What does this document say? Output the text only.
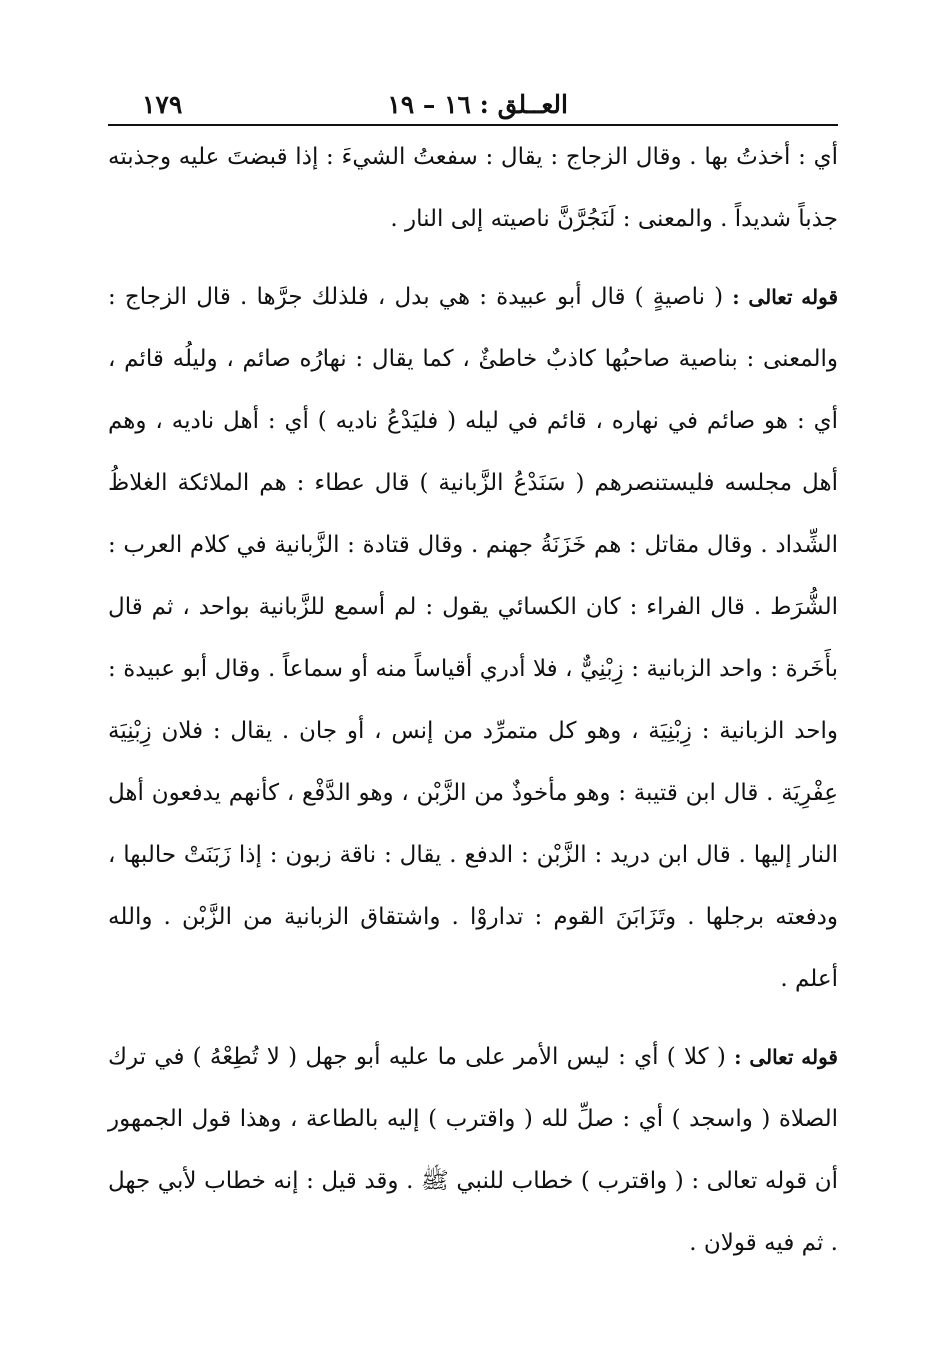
العــلق : ١٦ – ١٩
١٧٩

أي : أخذتُ بها . وقال الزجاج : يقال : سفعتُ الشيءَ : إذا قبضتَ عليه وجذبته جذباً شديداً . والمعنى : لَنَجُرَّنَّ ناصيته إلى النار .

قوله تعالى : ( ناصيةٍ ) قال أبو عبيدة : هي بدل ، فلذلك جرَّها . قال الزجاج : والمعنى : بناصية صاحبُها كاذبٌ خاطئٌ ، كما يقال : نهارُه صائم ، وليلُه قائم ، أي : هو صائم في نهاره ، قائم في ليله ( فليَدْعُ ناديه ) أي : أهل ناديه ، وهم أهل مجلسه فليستنصرهم ( سَنَدْعُ الزَّبانية ) قال عطاء : هم الملائكة الغلاظُ الشِّداد . وقال مقاتل : هم خَزَنَةُ جهنم . وقال قتادة : الزَّبانية في كلام العرب : الشُّرَط . قال الفراء : كان الكسائي يقول : لم أسمع للزَّبانية بواحد ، ثم قال بأَخَرة : واحد الزبانية : زِبْنِيٌّ ، فلا أدري أقياساً منه أو سماعاً . وقال أبو عبيدة : واحد الزبانية : زِبْنِيَة ، وهو كل متمرِّد من إنس ، أو جان . يقال : فلان زِبْنِيَة عِفْرِيَة . قال ابن قتيبة : وهو مأخوذٌ من الزَّبْن ، وهو الدَّفْع ، كأنهم يدفعون أهل النار إليها . قال ابن دريد : الزَّبْن : الدفع . يقال : ناقة زبون : إذا زَبَنَتْ حالبها ، ودفعته برجلها . وتَزَابَنَ القوم : تداروْا . واشتقاق الزبانية من الزَّبْن . والله أعلم .

قوله تعالى : ( كلا ) أي : ليس الأمر على ما عليه أبو جهل ( لا تُطِعْهُ ) في ترك الصلاة ( واسجد ) أي : صلِّ لله ( واقترب ) إليه بالطاعة ، وهذا قول الجمهور أن قوله تعالى : ( واقترب ) خطاب للنبي ﷺ . وقد قيل : إنه خطاب لأبي جهل . ثم فيه قولان .
